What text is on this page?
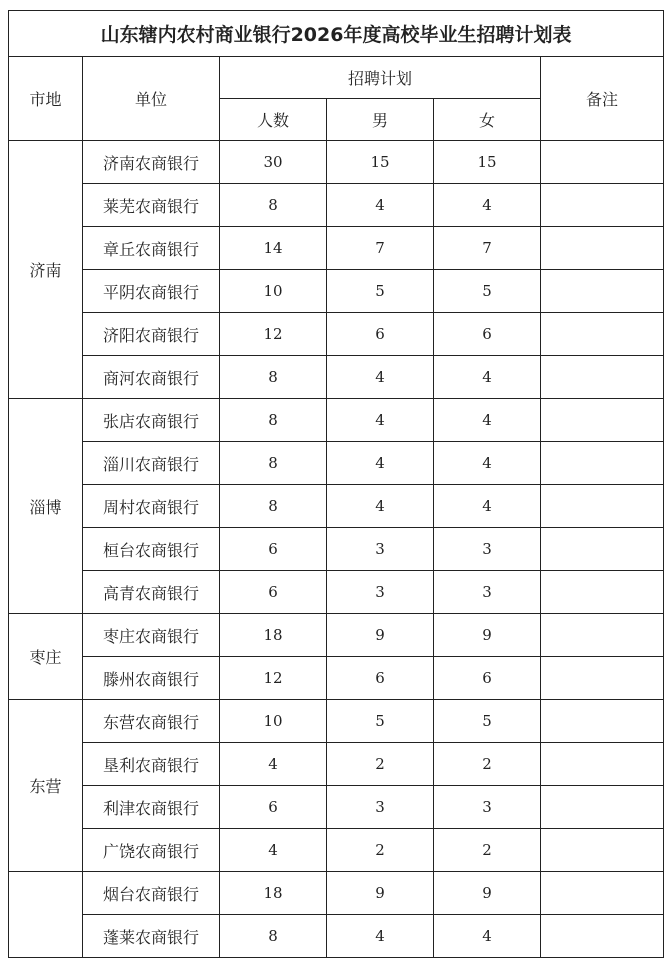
山东辖内农村商业银行2026年度高校毕业生招聘计划表					
市地	单位	招聘计划			备注
		人数	男	女	
济南	济南农商银行	30	15	15	
	莱芜农商银行	8	4	4	
	章丘农商银行	14	7	7	
	平阴农商银行	10	5	5	
	济阳农商银行	12	6	6	
	商河农商银行	8	4	4	
淄博	张店农商银行	8	4	4	
	淄川农商银行	8	4	4	
	周村农商银行	8	4	4	
	桓台农商银行	6	3	3	
	高青农商银行	6	3	3	
枣庄	枣庄农商银行	18	9	9	
	滕州农商银行	12	6	6	
东营	东营农商银行	10	5	5	
	垦利农商银行	4	2	2	
	利津农商银行	6	3	3	
	广饶农商银行	4	2	2	
	烟台农商银行	18	9	9	
	蓬莱农商银行	8	4	4	
